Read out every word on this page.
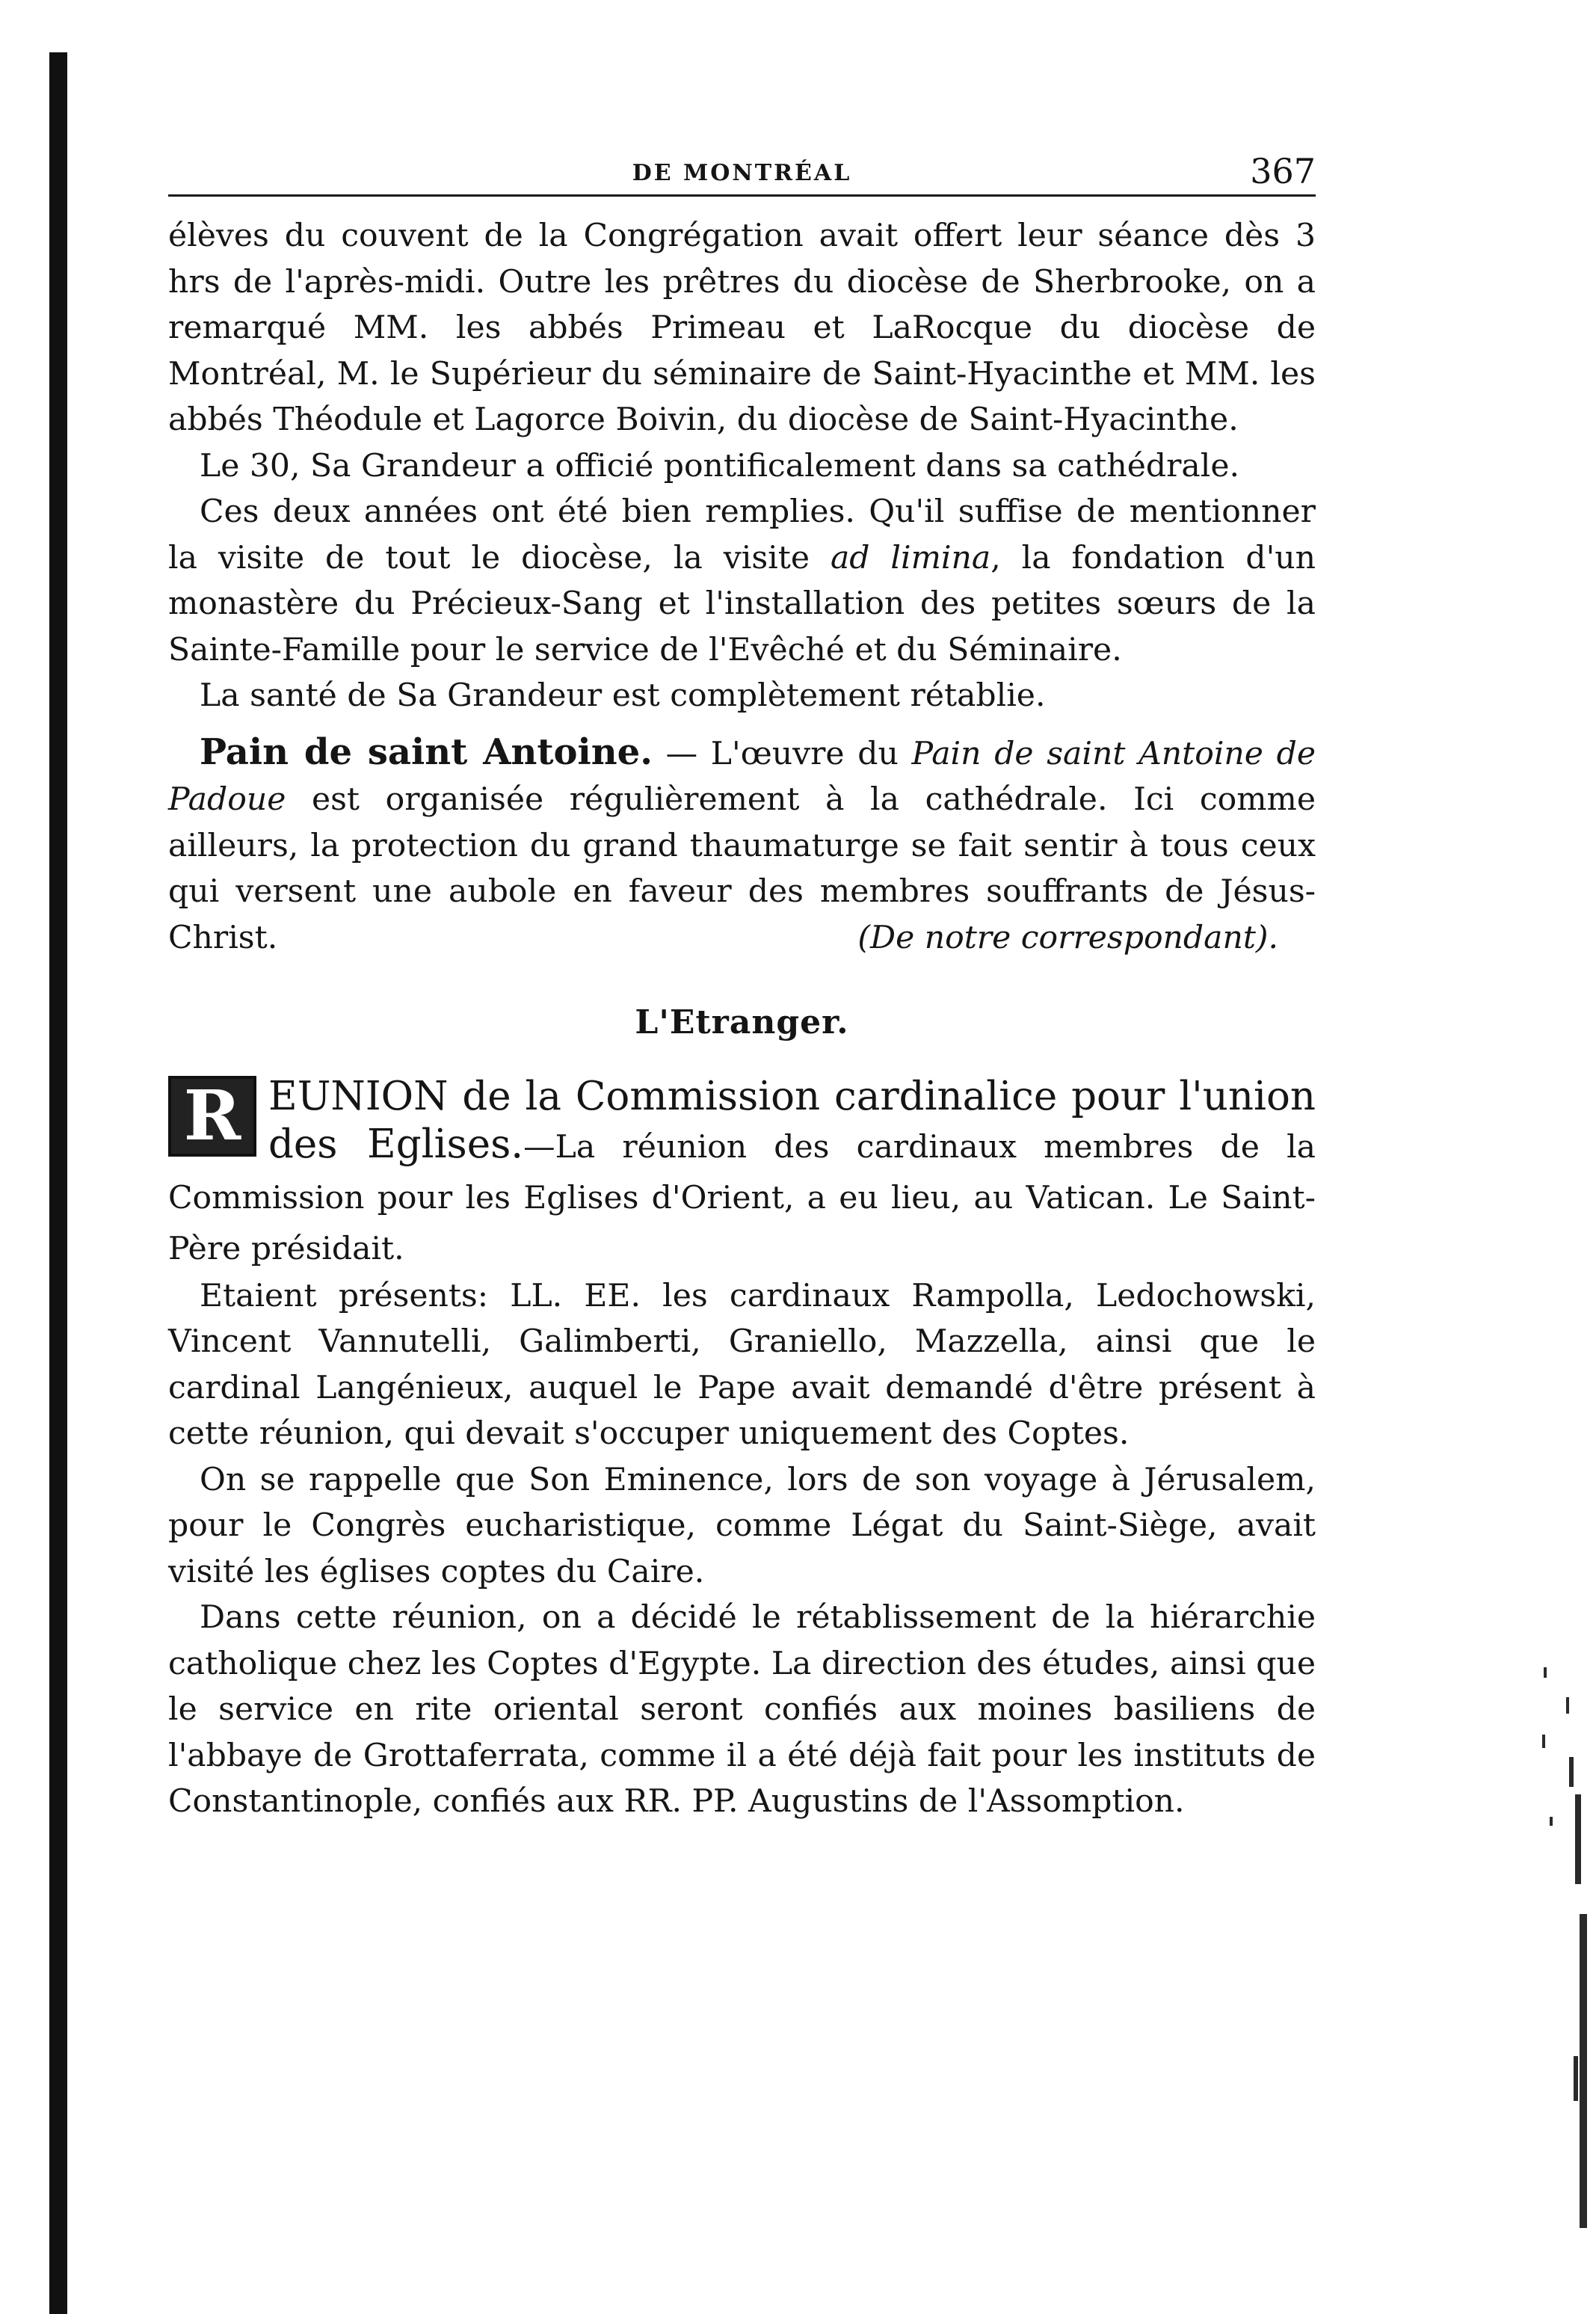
DE MONTRÉAL	367

élèves du couvent de la Congrégation avait offert leur séance dès 3 hrs de l'après-midi. Outre les prêtres du diocèse de Sherbrooke, on a remarqué MM. les abbés Primeau et LaRocque du diocèse de Montréal, M. le Supérieur du séminaire de Saint-Hyacinthe et MM. les abbés Théodule et Lagorce Boivin, du diocèse de Saint-Hyacinthe.

Le 30, Sa Grandeur a officié pontificalement dans sa cathédrale.

Ces deux années ont été bien remplies. Qu'il suffise de mentionner la visite de tout le diocèse, la visite ad limina, la fondation d'un monastère du Précieux-Sang et l'installation des petites sœurs de la Sainte-Famille pour le service de l'Evêché et du Séminaire.

La santé de Sa Grandeur est complètement rétablie.

Pain de saint Antoine. — L'œuvre du Pain de saint Antoine de Padoue est organisée régulièrement à la cathédrale. Ici comme ailleurs, la protection du grand thaumaturge se fait sentir à tous ceux qui versent une aubole en faveur des membres souffrants de Jésus-Christ.	(De notre correspondant).

L'Etranger.

R EUNION de la Commission cardinalice pour l'union des Eglises.—La réunion des cardinaux membres de la Commission pour les Eglises d'Orient, a eu lieu, au Vatican. Le Saint-Père présidait.

Etaient présents: LL. EE. les cardinaux Rampolla, Ledochowski, Vincent Vannutelli, Galimberti, Graniello, Mazzella, ainsi que le cardinal Langénieux, auquel le Pape avait demandé d'être présent à cette réunion, qui devait s'occuper uniquement des Coptes.

On se rappelle que Son Eminence, lors de son voyage à Jérusalem, pour le Congrès eucharistique, comme Légat du Saint-Siège, avait visité les églises coptes du Caire.

Dans cette réunion, on a décidé le rétablissement de la hiérarchie catholique chez les Coptes d'Egypte. La direction des études, ainsi que le service en rite oriental seront confiés aux moines basiliens de l'abbaye de Grottaferrata, comme il a été déjà fait pour les instituts de Constantinople, confiés aux RR. PP. Augustins de l'Assomption.
